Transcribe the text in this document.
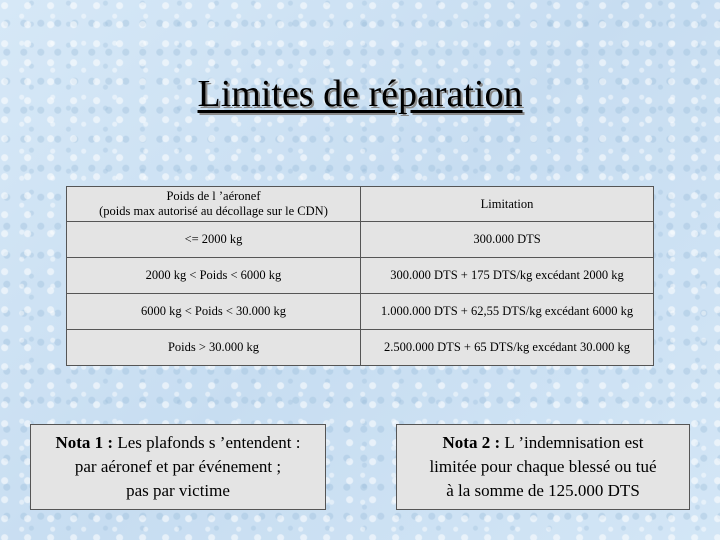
Limites de réparation
Poids de l ’aéronef
(poids max autorisé au décollage sur le CDN)	Limitation
<= 2000 kg	300.000 DTS
2000 kg < Poids < 6000 kg	300.000 DTS + 175 DTS/kg excédant 2000 kg
6000 kg < Poids < 30.000 kg	1.000.000 DTS + 62,55 DTS/kg excédant 6000 kg
Poids > 30.000 kg	2.500.000 DTS + 65 DTS/kg excédant 30.000 kg
Nota 1 : Les plafonds s ’entendent :
par aéronef et par événement ;
pas par victime
Nota 2 : L ’indemnisation est
limitée pour chaque blessé ou tué
à la somme de 125.000 DTS
